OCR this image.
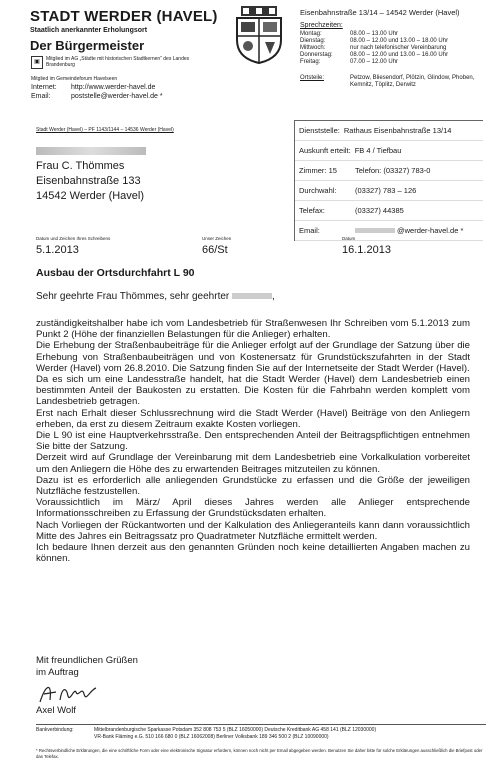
STADT WERDER (HAVEL)
Staatlich anerkannter Erholungsort
Der Bürgermeister
▣	Mitglied im AG „Städte mit historischen Stadtkernen“ des Landes Brandenburg
Mitglied im Gemeindeforum Havelseen
Internet: http://www.werder-havel.de
Email:	poststelle@werder-havel.de *
Eisenbahnstraße 13/14 – 14542 Werder (Havel)
Sprechzeiten:
Montag:	08.00 – 13.00 Uhr
Dienstag:	08.00 – 12.00 und 13.00 – 18.00 Uhr
Mittwoch:	nur nach telefonischer Vereinbarung
Donnerstag:	08.00 – 12.00 und 13.00 – 16.00 Uhr
Freitag:	07.00 – 12.00 Uhr
Ortsteile:	Petzow, Bliesendorf, Plötzin, Glindow, Phoben, Kemnitz, Töplitz, Derwitz
Stadt Werder (Havel) – PF 1143/1144 – 14536 Werder (Havel)
Frau C. Thömmes
Eisenbahnstraße 133
14542 Werder (Havel)
Dienststelle: Rathaus Eisenbahnstraße 13/14
Auskunft erteilt: FB 4 / Tiefbau
Zimmer: 15	Telefon: (03327) 783-0
Durchwahl:	(03327) 783 – 126
Telefax:	(03327) 44385
Email:	@werder-havel.de *
Datum und Zeichen Ihres Schreibens	Unser Zeichen	Datum
5.1.2013	66/St	16.1.2013
Ausbau der Ortsdurchfahrt L 90
Sehr geehrte Frau Thömmes, sehr geehrter	,

zuständigkeitshalber habe ich vom Landesbetrieb für Straßenwesen Ihr Schreiben vom 5.1.2013 zum Punkt 2 (Höhe der finanziellen Belastungen für die Anlieger) erhalten.

Die Erhebung der Straßenbaubeiträge für die Anlieger erfolgt auf der Grundlage der Satzung über die Erhebung von Straßenbaubeiträgen und von Kostenersatz für Grundstückszufahrten in der Stadt Werder (Havel) vom 26.8.2010. Die Satzung finden Sie auf der Internetseite der Stadt Werder (Havel).

Da es sich um eine Landesstraße handelt, hat die Stadt Werder (Havel) dem Landesbetrieb einen bestimmten Anteil der Baukosten zu erstatten. Die Kosten für die Fahrbahn werden komplett vom Landesbetrieb getragen.

Erst nach Erhalt dieser Schlussrechnung wird die Stadt Werder (Havel) Beiträge von den Anliegern erheben, da erst zu diesem Zeitraum exakte Kosten vorliegen.

Die L 90 ist eine Hauptverkehrsstraße. Den entsprechenden Anteil der Beitragspflichtigen entnehmen Sie bitte der Satzung.

Derzeit wird auf Grundlage der Vereinbarung mit dem Landesbetrieb eine Vorkalkulation vorbereitet um den Anliegern die Höhe des zu erwartenden Beitrages mitzuteilen zu können.

Dazu ist es erforderlich alle anliegenden Grundstücke zu erfassen und die Größe der jeweiligen Nutzfläche festzustellen.

Voraussichtlich im März/ April dieses Jahres werden alle Anlieger entsprechende Informationsschreiben zu Erfassung der Grundstücksdaten erhalten.

Nach Vorliegen der Rückantworten und der Kalkulation des Anliegeranteils kann dann voraussichtlich Mitte des Jahres ein Beitragssatz pro Quadratmeter Nutzfläche ermittelt werden.

Ich bedaure Ihnen derzeit aus den genannten Gründen noch keine detaillierten Angaben machen zu können.

Mit freundlichen Grüßen
im Auftrag
Axel Wolf
Bankverbindung:	Mittelbrandenburgische Sparkasse Potsdam 352 808 753 5 (BLZ 16050000) Deutsche Kreditbank AG 458 141 (BLZ 12030000)
VR-Bank Fläming e.G. 510 166 680 0 (BLZ 16062008) Berliner Volksbank 189 346 500 2 (BLZ 10090000)
* Rechtsverbindliche Erklärungen, die eine schriftliche Form oder eine elektronische Signatur erfordern, können noch nicht per Email abgegeben werden. Benutzen Sie daher bitte für solche Erklärungen ausschließlich die Briefpost oder das Telefax.
